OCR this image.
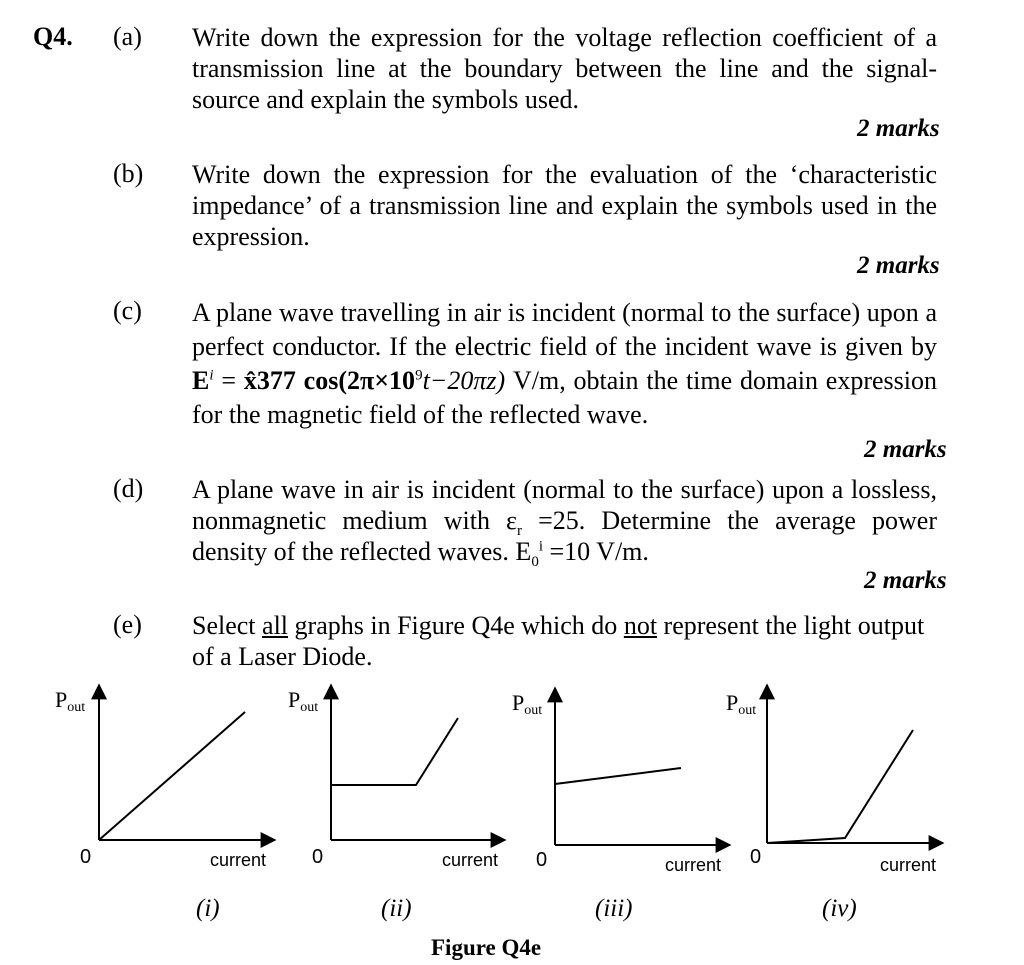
Q4. (a) Write down the expression for the voltage reflection coefficient of a transmission line at the boundary between the line and the signal-source and explain the symbols used.
2 marks
(b) Write down the expression for the evaluation of the ‘characteristic impedance’ of a transmission line and explain the symbols used in the expression.
2 marks
(c) A plane wave travelling in air is incident (normal to the surface) upon a perfect conductor. If the electric field of the incident wave is given by $E^i$ = x̂377 $\cos(2\pi\times 10^9t-20\pi z)$ V/m, obtain the time domain expression for the magnetic field of the reflected wave.
2 marks
(d) A plane wave in air is incident (normal to the surface) upon a lossless, nonmagnetic medium with $\varepsilon_r =25$. Determine the average power density of the reflected waves. $E_0^i =10$ V/m.
2 marks
(e) Select all graphs in Figure Q4e which do not represent the light output of a Laser Diode.
Pout
0	current
Pout
0	current
Pout
0	current
Pout
0	current
(i)	(ii)	(iii)	(iv)
Figure Q4e
